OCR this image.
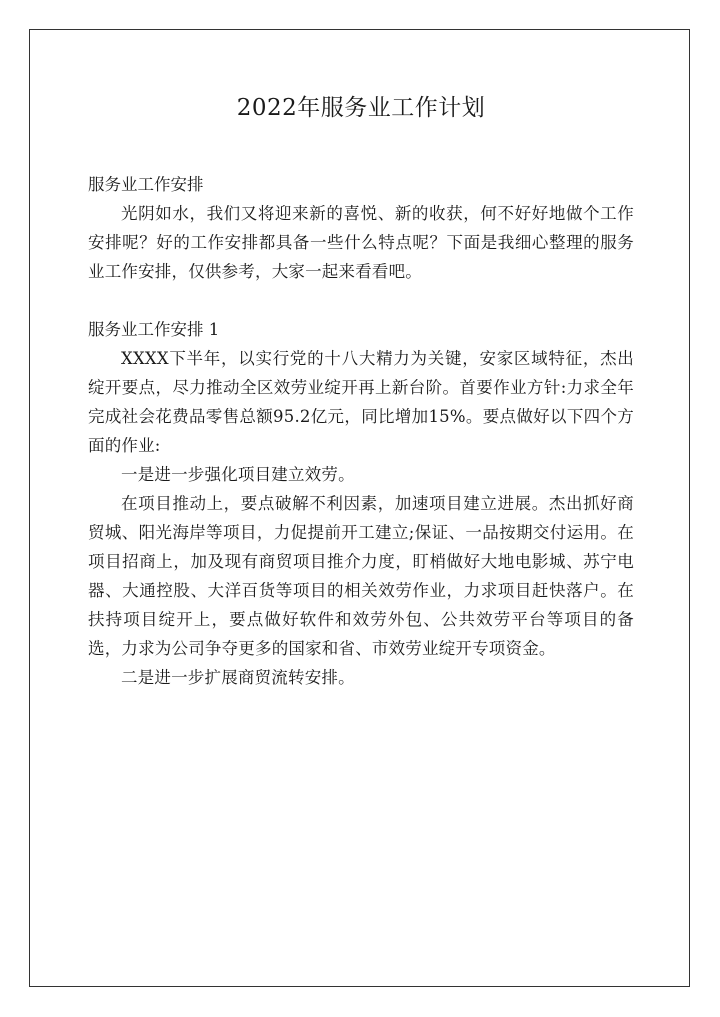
2022年服务业工作计划
服务业工作安排

光阴如水，我们又将迎来新的喜悦、新的收获，何不好好地做个工作安排呢？好的工作安排都具备一些什么特点呢？下面是我细心整理的服务业工作安排，仅供参考，大家一起来看看吧。

服务业工作安排 1

XXXX下半年，以实行党的十八大精力为关键，安家区域特征，杰出绽开要点，尽力推动全区效劳业绽开再上新台阶。首要作业方针:力求全年完成社会花费品零售总额95.2亿元，同比增加15%。要点做好以下四个方面的作业:

一是进一步强化项目建立效劳。

在项目推动上，要点破解不利因素，加速项目建立进展。杰出抓好商贸城、阳光海岸等项目，力促提前开工建立;保证、一品按期交付运用。在项目招商上，加及现有商贸项目推介力度，盯梢做好大地电影城、苏宁电器、大通控股、大洋百货等项目的相关效劳作业，力求项目赶快落户。在扶持项目绽开上，要点做好软件和效劳外包、公共效劳平台等项目的备选，力求为公司争夺更多的国家和省、市效劳业绽开专项资金。

二是进一步扩展商贸流转安排。
